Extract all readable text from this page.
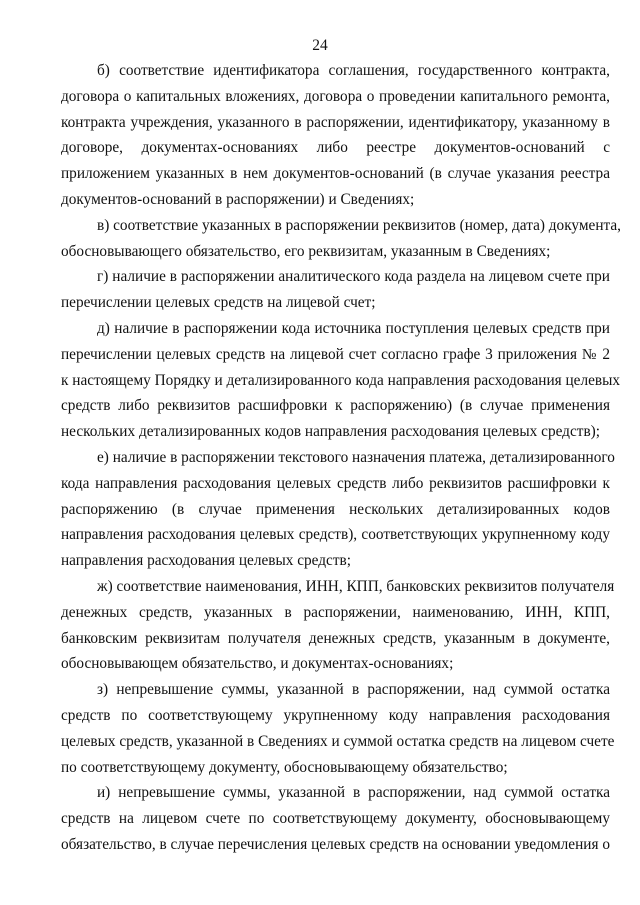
24

б) соответствие идентификатора соглашения, государственного контракта,
договора о капитальных вложениях, договора о проведении капитального ремонта,
контракта учреждения, указанного в распоряжении, идентификатору, указанному в
договоре, документах-основаниях либо реестре документов-оснований с
приложением указанных в нем документов-оснований (в случае указания реестра
документов-оснований в распоряжении) и Сведениях;

в) соответствие указанных в распоряжении реквизитов (номер, дата) документа,
обосновывающего обязательство, его реквизитам, указанным в Сведениях;

г) наличие в распоряжении аналитического кода раздела на лицевом счете при
перечислении целевых средств на лицевой счет;

д) наличие в распоряжении кода источника поступления целевых средств при
перечислении целевых средств на лицевой счет согласно графе 3 приложения № 2
к настоящему Порядку и детализированного кода направления расходования целевых
средств либо реквизитов расшифровки к распоряжению) (в случае применения
нескольких детализированных кодов направления расходования целевых средств);

е) наличие в распоряжении текстового назначения платежа, детализированного
кода направления расходования целевых средств либо реквизитов расшифровки к
распоряжению (в случае применения нескольких детализированных кодов
направления расходования целевых средств), соответствующих укрупненному коду
направления расходования целевых средств;

ж) соответствие наименования, ИНН, КПП, банковских реквизитов получателя
денежных средств, указанных в распоряжении, наименованию, ИНН, КПП,
банковским реквизитам получателя денежных средств, указанным в документе,
обосновывающем обязательство, и документах-основаниях;

з) непревышение суммы, указанной в распоряжении, над суммой остатка
средств по соответствующему укрупненному коду направления расходования
целевых средств, указанной в Сведениях и суммой остатка средств на лицевом счете
по соответствующему документу, обосновывающему обязательство;

и) непревышение суммы, указанной в распоряжении, над суммой остатка
средств на лицевом счете по соответствующему документу, обосновывающему
обязательство, в случае перечисления целевых средств на основании уведомления о
